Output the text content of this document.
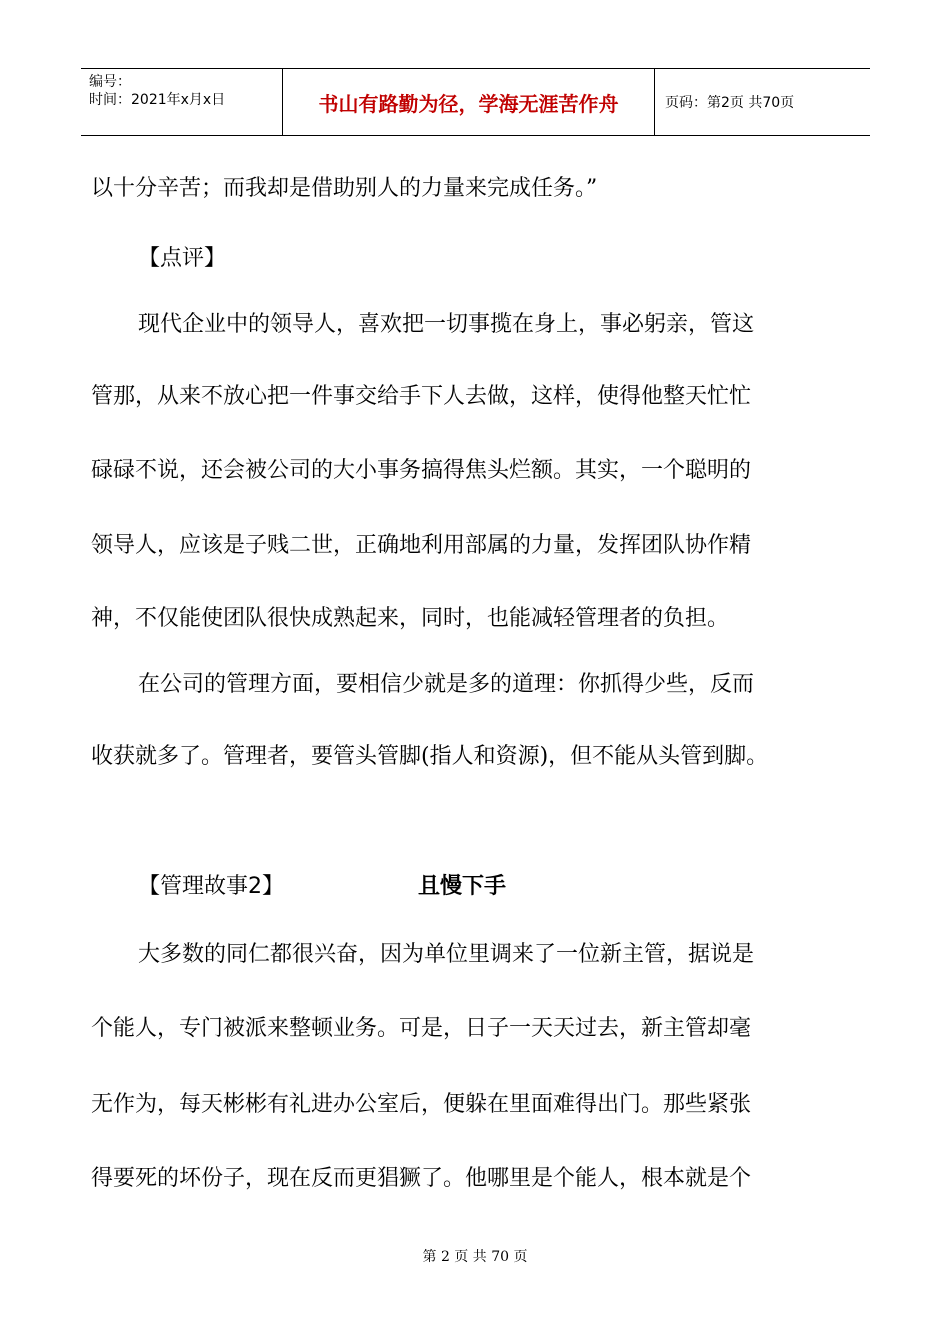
编号：
时间：2021年x月x日	书山有路勤为径，学海无涯苦作舟	页码：第2页 共70页
以十分辛苦；而我却是借助别人的力量来完成任务。”
【点评】
现代企业中的领导人，喜欢把一切事揽在身上，事必躬亲，管这
管那，从来不放心把一件事交给手下人去做，这样，使得他整天忙忙
碌碌不说，还会被公司的大小事务搞得焦头烂额。其实，一个聪明的
领导人，应该是子贱二世，正确地利用部属的力量，发挥团队协作精
神，不仅能使团队很快成熟起来，同时，也能减轻管理者的负担。
在公司的管理方面，要相信少就是多的道理：你抓得少些，反而
收获就多了。管理者，要管头管脚(指人和资源)，但不能从头管到脚。
【管理故事2】	且慢下手
大多数的同仁都很兴奋，因为单位里调来了一位新主管，据说是
个能人，专门被派来整顿业务。可是，日子一天天过去，新主管却毫
无作为，每天彬彬有礼进办公室后，便躲在里面难得出门。那些紧张
得要死的坏份子，现在反而更猖獗了。他哪里是个能人，根本就是个
第 2 页 共 70 页
